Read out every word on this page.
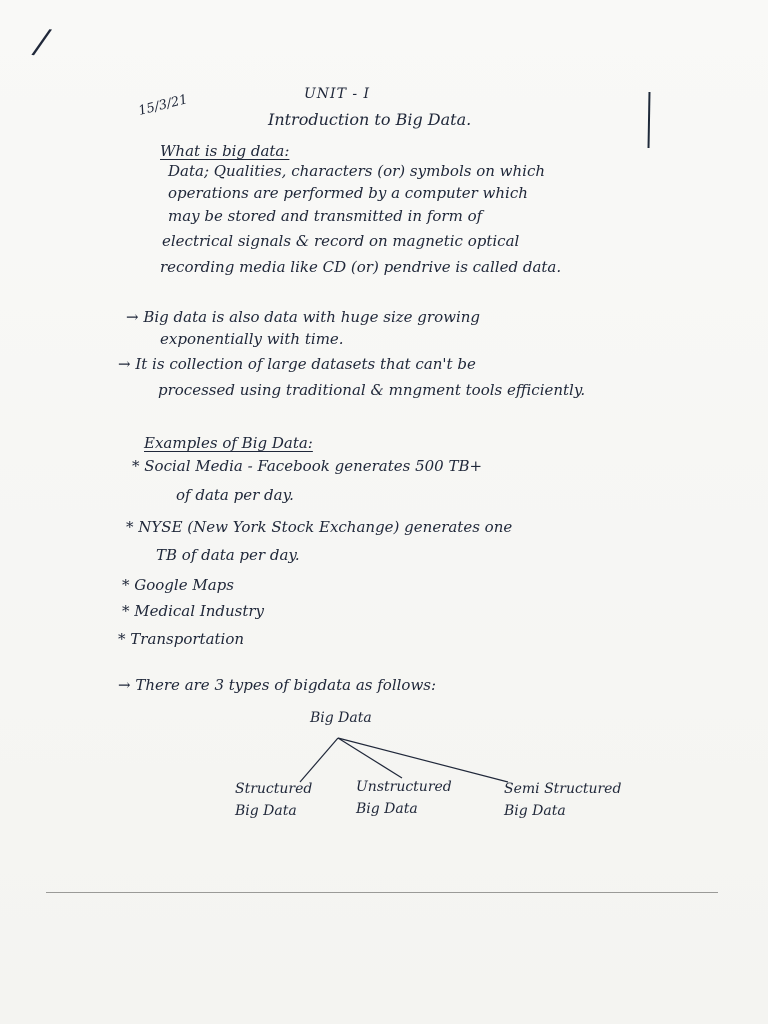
/
15/3/21	UNIT - I
Introduction to Big Data.
What is big data:
Data; Qualities, characters (or) symbols on which
operations are performed by a computer which
may be stored and transmitted in form of
electrical signals & record on magnetic optical
recording media like CD (or) pendrive is called data.
→ Big data is also data with huge size growing
exponentially with time.
→ It is collection of large datasets that can't be
processed using traditional & mngment tools efficiently.
Examples of Big Data:
* Social Media - Facebook generates 500 TB+
of data per day.
* NYSE (New York Stock Exchange) generates one
TB of data per day.
* Google Maps
* Medical Industry
* Transportation
→ There are 3 types of bigdata as follows:
Big Data
Structured
Big Data
Unstructured
Big Data
Semi Structured
Big Data
